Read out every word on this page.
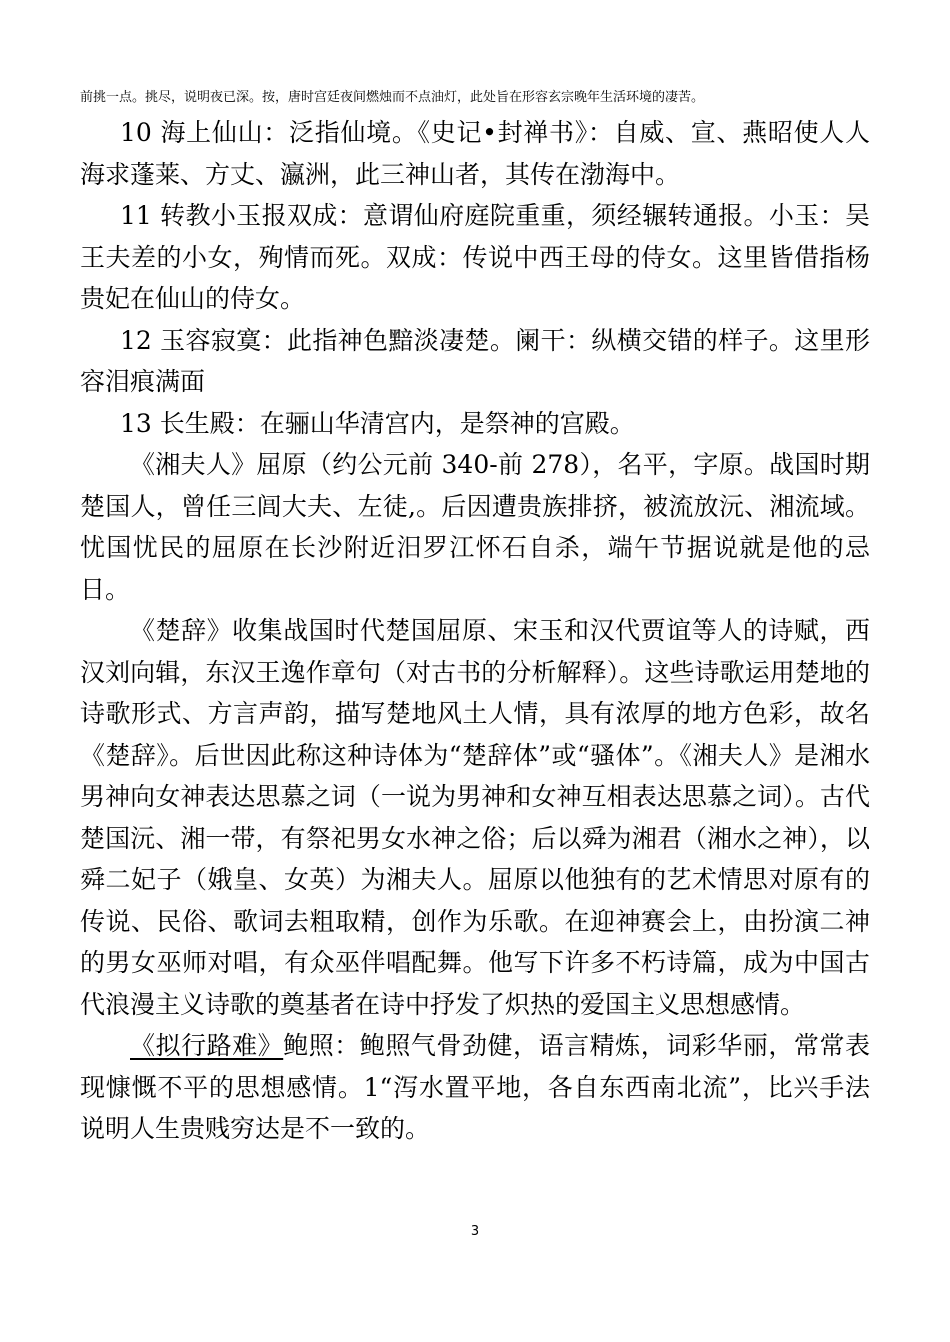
前挑一点。挑尽，说明夜已深。按，唐时宫廷夜间燃烛而不点油灯，此处旨在形容玄宗晚年生活环境的凄苦。

10 海上仙山：泛指仙境。《史记•封禅书》：自威、宣、燕昭使人人海求蓬莱、方丈、瀛洲，此三神山者，其传在渤海中。

11 转教小玉报双成：意谓仙府庭院重重，须经辗转通报。小玉：吴王夫差的小女，殉情而死。双成：传说中西王母的侍女。这里皆借指杨贵妃在仙山的侍女。

12 玉容寂寞：此指神色黯淡凄楚。阑干：纵横交错的样子。这里形容泪痕满面

13 长生殿：在骊山华清宫内，是祭神的宫殿。

《湘夫人》屈原（约公元前 340-前 278），名平，字原。战国时期楚国人，曾任三闾大夫、左徒,。后因遭贵族排挤，被流放沅、湘流域。忧国忧民的屈原在长沙附近汨罗江怀石自杀，端午节据说就是他的忌日。

《楚辞》收集战国时代楚国屈原、宋玉和汉代贾谊等人的诗赋，西汉刘向辑，东汉王逸作章句（对古书的分析解释）。这些诗歌运用楚地的诗歌形式、方言声韵，描写楚地风土人情，具有浓厚的地方色彩，故名《楚辞》。后世因此称这种诗体为“楚辞体”或“骚体”。《湘夫人》是湘水男神向女神表达思慕之词（一说为男神和女神互相表达思慕之词）。古代楚国沅、湘一带，有祭祀男女水神之俗；后以舜为湘君（湘水之神），以舜二妃子（娥皇、女英）为湘夫人。屈原以他独有的艺术情思对原有的传说、民俗、歌词去粗取精，创作为乐歌。在迎神赛会上，由扮演二神的男女巫师对唱，有众巫伴唱配舞。他写下许多不朽诗篇，成为中国古代浪漫主义诗歌的奠基者在诗中抒发了炽热的爱国主义思想感情。

《拟行路难》鲍照：鲍照气骨劲健，语言精炼，词彩华丽，常常表现慷慨不平的思想感情。1“泻水置平地，各自东西南北流”，比兴手法说明人生贵贱穷达是不一致的。

3
